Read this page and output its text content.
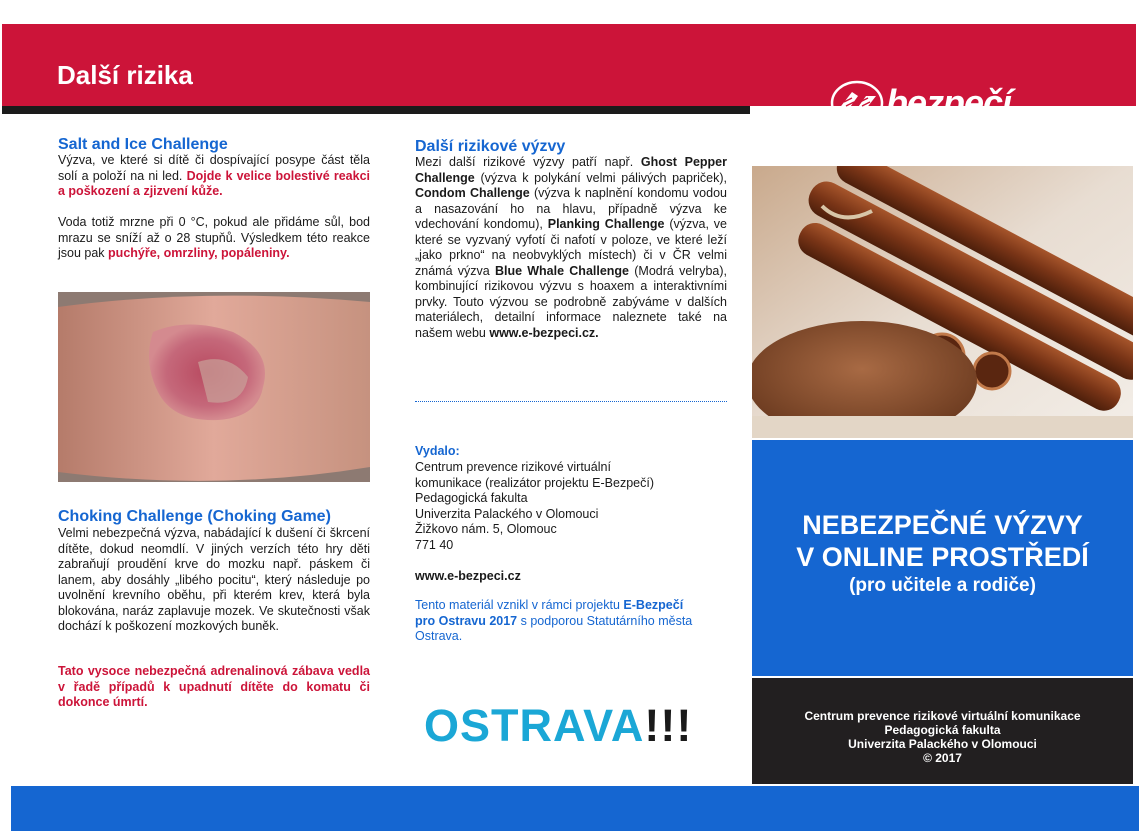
Další rizika
bezpečí
NEBEZPEČNÉ VÝZVY
V ONLINE PROSTŘEDÍ
(pro učitele a rodiče)
Centrum prevence rizikové virtuální komunikace
Pedagogická fakulta
Univerzita Palackého v Olomouci
© 2017
Salt and Ice Challenge
Výzva, ve které si dítě či dospívající posype část těla solí a položí na ni led. Dojde k velice bolestivé reakci a poškození a zjizvení kůže.
Voda totiž mrzne při 0 °C, pokud ale přidáme sůl, bod mrazu se sníží až o 28 stupňů. Výsledkem této reakce jsou pak puchýře, omrzliny, popáleniny.
Choking Challenge (Choking Game)
Velmi nebezpečná výzva, nabádající k dušení či škrcení dítěte, dokud neomdlí. V jiných verzích této hry děti zabraňují proudění krve do mozku např. páskem či lanem, aby dosáhly „libého pocitu“, který následuje po uvolnění krevního oběhu, při kterém krev, která byla blokována, naráz zaplavuje mozek. Ve skutečnosti však dochází k poškození mozkových buněk.
Tato vysoce nebezpečná adrenalinová zábava vedla v řadě případů k upadnutí dítěte do komatu či dokonce úmrtí.
Další rizikové výzvy
Mezi další rizikové výzvy patří např. Ghost Pepper Challenge (výzva k polykání velmi pálivých papriček), Condom Challenge (výzva k naplnění kondomu vodou a nasazování ho na hlavu, případně výzva ke vdechování kondomu), Planking Challenge (výzva, ve které se vyzvaný vyfotí či nafotí v poloze, ve které leží „jako prkno“ na neobvyklých místech) či v ČR velmi známá výzva Blue Whale Challenge (Modrá velryba), kombinující rizikovou výzvu s hoaxem a interaktivními prvky. Touto výzvou se podrobně zabýváme v dalších materiálech, detailní informace naleznete také na našem webu www.e-bezpeci.cz.
Vydalo:
Centrum prevence rizikové virtuální
komunikace (realizátor projektu E-Bezpečí)
Pedagogická fakulta
Univerzita Palackého v Olomouci
Žižkovo nám. 5, Olomouc
771 40
www.e-bezpeci.cz
Tento materiál vznikl v rámci projektu E-Bezpečí pro Ostravu 2017 s podporou Statutárního města Ostrava.
OSTRAVA!!!
